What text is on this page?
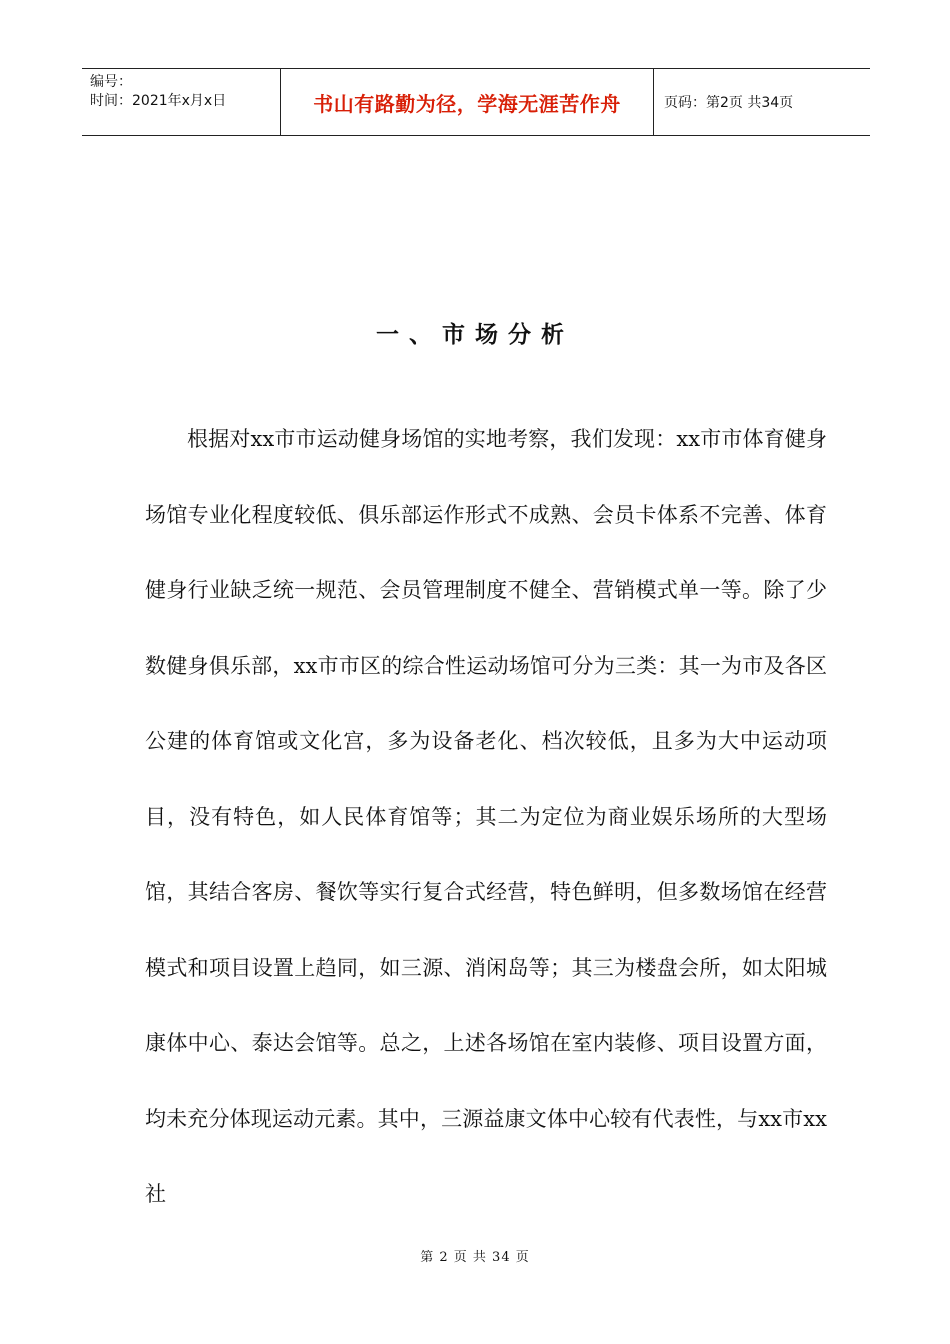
编号：
时间：2021年x月x日	书山有路勤为径，学海无涯苦作舟	页码：第2页 共34页
一、市场分析

根据对xx市市运动健身场馆的实地考察，我们发现：xx市市体育健身场馆专业化程度较低、俱乐部运作形式不成熟、会员卡体系不完善、体育健身行业缺乏统一规范、会员管理制度不健全、营销模式单一等。除了少数健身俱乐部，xx市市区的综合性运动场馆可分为三类：其一为市及各区公建的体育馆或文化宫，多为设备老化、档次较低，且多为大中运动项目，没有特色，如人民体育馆等；其二为定位为商业娱乐场所的大型场馆，其结合客房、餐饮等实行复合式经营，特色鲜明，但多数场馆在经营模式和项目设置上趋同，如三源、消闲岛等；其三为楼盘会所，如太阳城康体中心、泰达会馆等。总之，上述各场馆在室内装修、项目设置方面，均未充分体现运动元素。其中，三源益康文体中心较有代表性，与xx市xx社

第 2 页 共 34 页
